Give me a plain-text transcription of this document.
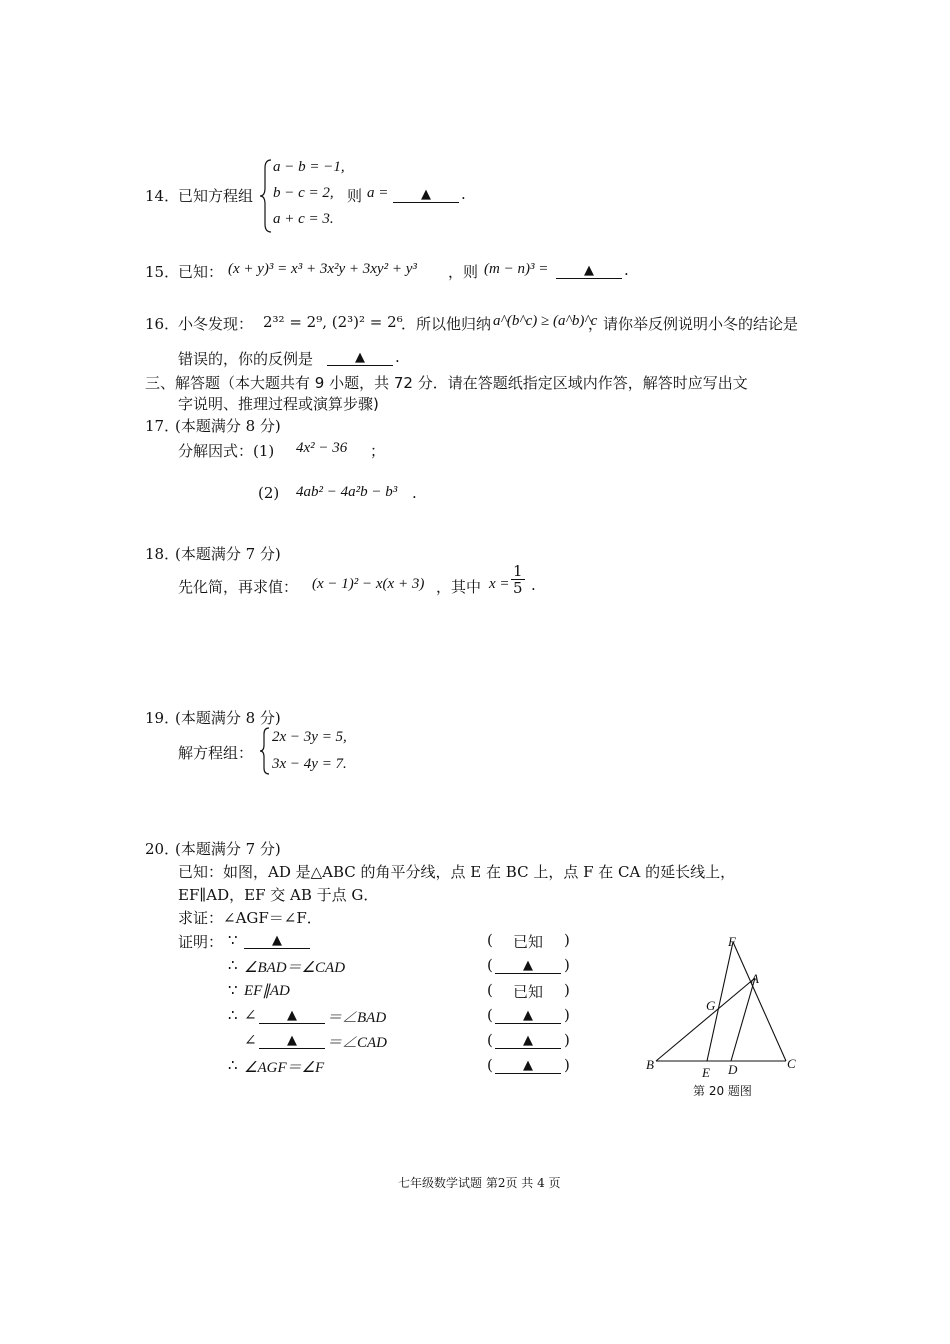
14．
已知方程组
a − b = −1,
b − c = 2, 则 a =	▲	.
a + c = 3.
15．
已知： (x + y)³ = x³ + 3x²y + 3xy² + y³ ，则 (m − n)³ =	▲	.
16．
小冬发现： 2³² = 2⁹, (2³)² = 2⁶
．所以他归纳 a^(b^c) ≥ (a^b)^c
，请你举反例说明小冬的结论是
错误的，你的反例是	▲	.
三、解答题（本大题共有 9 小题，共 72 分．请在答题纸指定区域内作答，解答时应写出文
字说明、推理过程或演算步骤)
17．
(本题满分 8 分)
分解因式：(1) 4x² − 36 ；
(2) 4ab² − 4a²b − b³ .
18．
(本题满分 7 分)
先化简，再求值： (x − 1)² − x(x + 3) ，其中 $x = \frac{1}{5}$ .
19．
(本题满分 8 分)
解方程组：
2x − 3y = 5,
3x − 4y = 7.
20．
(本题满分 7 分)
已知：如图，AD 是△ABC 的角平分线，点 E 在 BC 上，点 F 在 CA 的延长线上，
EF∥AD，EF 交 AB 于点 G．
求证：∠AGF＝∠F．
证明： ∵	▲	( 已知 )
∴ ∠BAD＝∠CAD	(	▲	)
∵ EF∥AD	( 已知 )
∴ ∠	▲	＝∠BAD	(	▲	)
∠	▲	＝∠CAD	(	▲	)
∴ ∠AGF＝∠F	(	▲	)
F
A
G
B
E D	C
第 20 题图
七年级数学试题 第2页 共 4 页
